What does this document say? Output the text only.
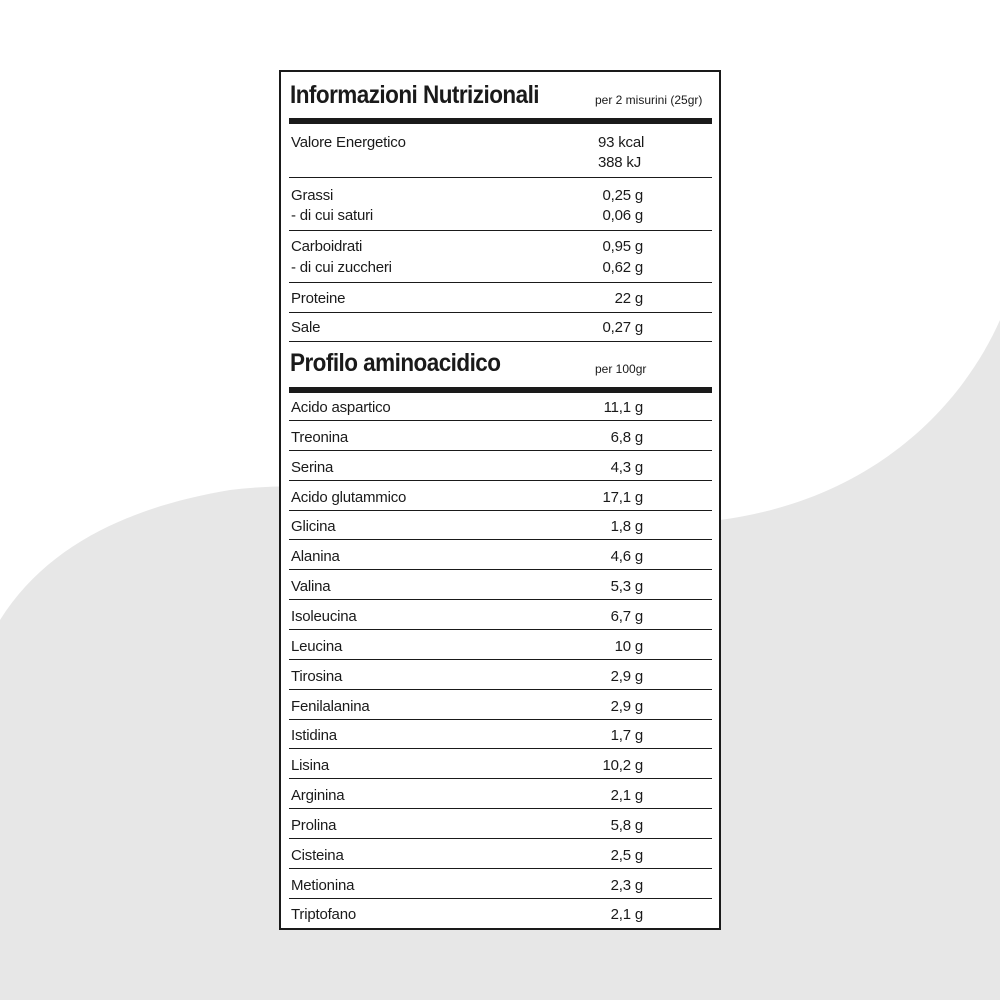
Informazioni Nutrizionali	per 2 misurini (25gr)
Valore Energetico	93 kcal
388 kJ
Grassi	0,25 g
- di cui saturi	0,06 g
Carboidrati	0,95 g
- di cui zuccheri	0,62 g
Proteine	22 g
Sale	0,27 g
Profilo aminoacidico	per 100gr
Acido aspartico	11,1 g
Treonina	6,8 g
Serina	4,3 g
Acido glutammico	17,1 g
Glicina	1,8 g
Alanina	4,6 g
Valina	5,3 g
Isoleucina	6,7 g
Leucina	10 g
Tirosina	2,9 g
Fenilalanina	2,9 g
Istidina	1,7 g
Lisina	10,2 g
Arginina	2,1 g
Prolina	5,8 g
Cisteina	2,5 g
Metionina	2,3 g
Triptofano	2,1 g
